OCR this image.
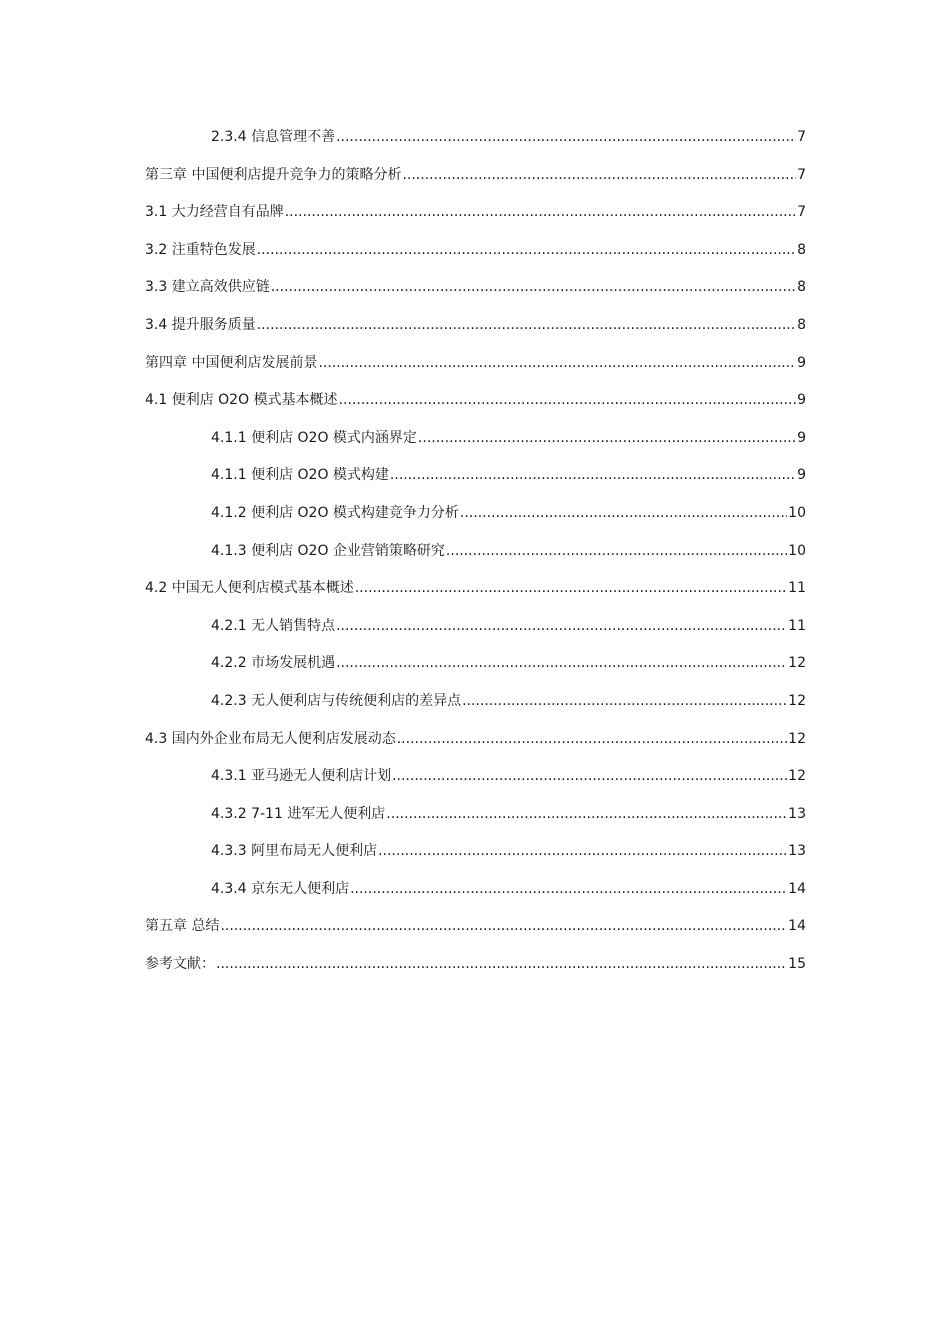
2.3.4 信息管理不善 .....	7
第三章 中国便利店提升竞争力的策略分析 .....	7
3.1 大力经营自有品牌 .....	7
3.2 注重特色发展 .....	8
3.3 建立高效供应链 .....	8
3.4 提升服务质量 .....	8
第四章 中国便利店发展前景 .....	9
4.1 便利店 O2O 模式基本概述 .....	9
4.1.1 便利店 O2O 模式内涵界定 .....	9
4.1.1 便利店 O2O 模式构建 .....	9
4.1.2 便利店 O2O 模式构建竞争力分析 .....	10
4.1.3 便利店 O2O 企业营销策略研究 .....	10
4.2 中国无人便利店模式基本概述 .....	11
4.2.1 无人销售特点 .....	11
4.2.2 市场发展机遇 .....	12
4.2.3 无人便利店与传统便利店的差异点 .....	12
4.3 国内外企业布局无人便利店发展动态 .....	12
4.3.1 亚马逊无人便利店计划 .....	12
4.3.2 7-11 进军无人便利店 .....	13
4.3.3 阿里布局无人便利店 .....	13
4.3.4 京东无人便利店 .....	14
第五章 总结 .....	14
参考文献： .....	15
